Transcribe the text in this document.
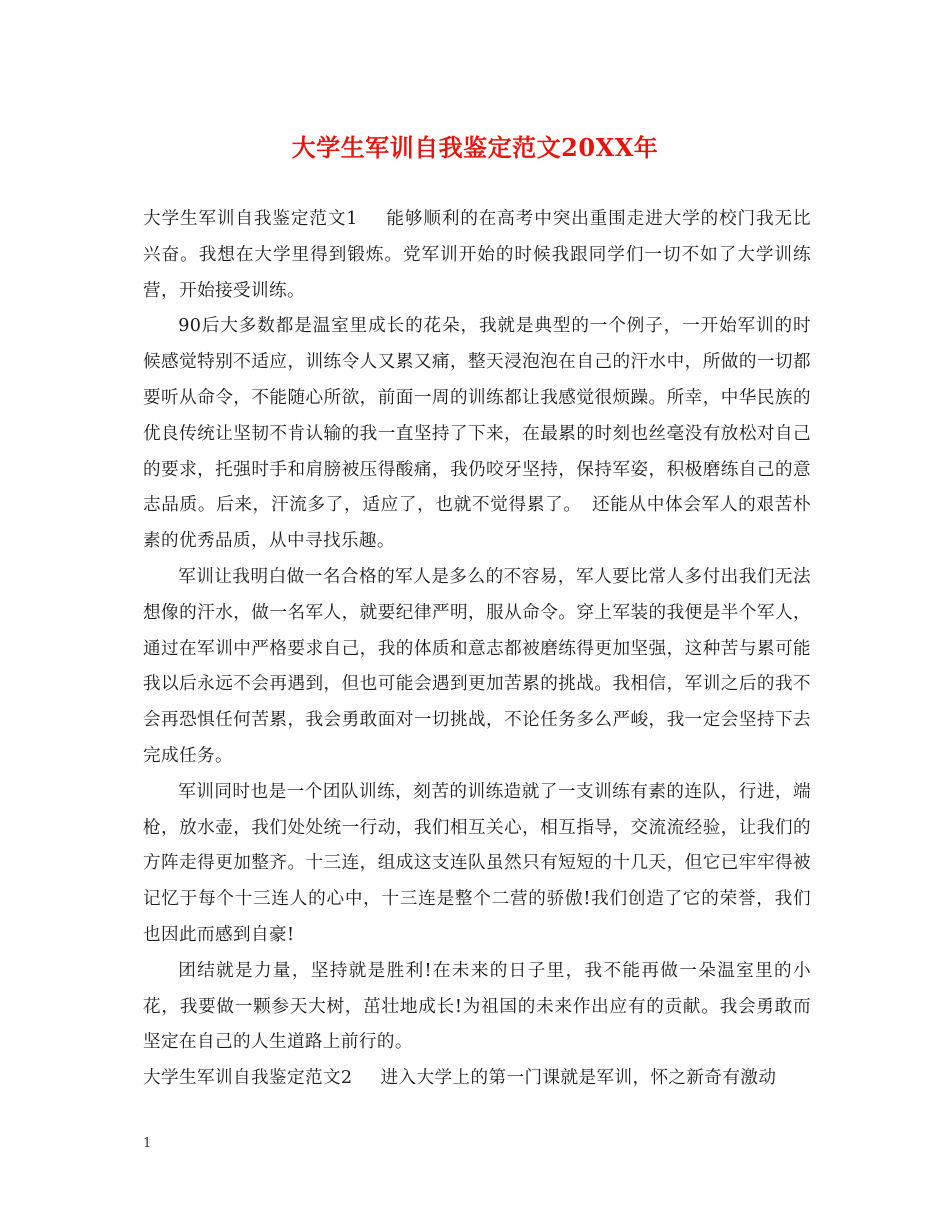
大学生军训自我鉴定范文20XX年

大学生军训自我鉴定范文1 能够顺利的在高考中突出重围走进大学的校门我无比兴奋。我想在大学里得到锻炼。党军训开始的时候我跟同学们一切不如了大学训练营，开始接受训练。

90后大多数都是温室里成长的花朵，我就是典型的一个例子，一开始军训的时候感觉特别不适应，训练令人又累又痛，整天浸泡泡在自己的汗水中，所做的一切都要听从命令，不能随心所欲，前面一周的训练都让我感觉很烦躁。所幸，中华民族的优良传统让坚韧不肯认输的我一直坚持了下来，在最累的时刻也丝毫没有放松对自己的要求，托强时手和肩膀被压得酸痛，我仍咬牙坚持，保持军姿，积极磨练自己的意志品质。后来，汗流多了，适应了，也就不觉得累了。 还能从中体会军人的艰苦朴素的优秀品质，从中寻找乐趣。

军训让我明白做一名合格的军人是多么的不容易，军人要比常人多付出我们无法想像的汗水，做一名军人，就要纪律严明，服从命令。穿上军装的我便是半个军人，通过在军训中严格要求自己，我的体质和意志都被磨练得更加坚强，这种苦与累可能我以后永远不会再遇到，但也可能会遇到更加苦累的挑战。我相信，军训之后的我不会再恐惧任何苦累，我会勇敢面对一切挑战，不论任务多么严峻，我一定会坚持下去完成任务。

军训同时也是一个团队训练，刻苦的训练造就了一支训练有素的连队，行进，端枪，放水壶，我们处处统一行动，我们相互关心，相互指导，交流流经验，让我们的方阵走得更加整齐。十三连，组成这支连队虽然只有短短的十几天，但它已牢牢得被记忆于每个十三连人的心中，十三连是整个二营的骄傲!我们创造了它的荣誉，我们也因此而感到自豪!

团结就是力量，坚持就是胜利!在未来的日子里，我不能再做一朵温室里的小花，我要做一颗参天大树，茁壮地成长!为祖国的未来作出应有的贡献。我会勇敢而坚定在自己的人生道路上前行的。

大学生军训自我鉴定范文2 进入大学上的第一门课就是军训，怀之新奇有激动

1
